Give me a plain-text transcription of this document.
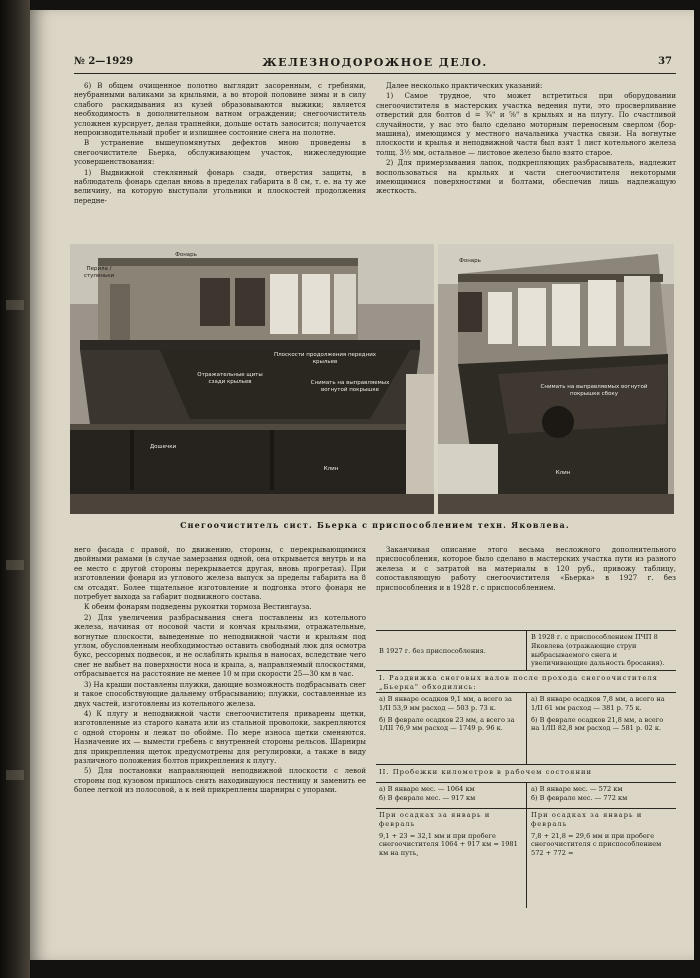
№ 2—1929	ЖЕЛЕЗНОДОРОЖНОЕ ДЕЛО.	37

6) В общем очищенное полотно выглядит засоренным, с гребнями, неубранными валиками за крыльями, а во второй половине зимы и в силу слабого раскидывания из кузей образовываются выжики; является необходимость в дополнительном ватном ограждении; снегоочиститель усложнен курсирует, делая трапнейки, дольше остать заносится; получается непроизводительный пробег и излишнее состояние снега на полотне.

В устранение вышеупомянутых дефектов мною проведены в снегоочистителе Бьерка, обслуживающем участок, нижеследующие усовершенствования:

1) Выдвижной стеклянный фонарь сзади, отверстия защиты, в наблюдатель фонарь сделан вновь в пределах габарита в 8 см, т. е. на ту же величину, на которую выступали угольники и плоскостей продолжения передне-

Далее несколько практических указаний:

1) Самое трудное, что может встретиться при оборудовании снегоочистителя в мастерских участка ведения пути, это просверливание отверстий для болтов d = ¾" и ⅝" в крыльях и на плугу. По счастливой случайности, у нас это было сделано моторным переносным сверлом (бор-машина), имеющимся у местного начальника участка связи. На вогнутые плоскости и крылья и неподвижной частя был взят 1 лист котельного железа толщ. 3½ мм, остальное — листовое железо было взято старое.

2) Для примерзывания лапок, подкрепляющих разбрасыватель, надлежит воспользоваться на крыльях и части снегоочистителя некоторыми имеющимися поверхностями и болтами, обеспечив лишь надлежащую жесткость.

Перила / ступеньки
Фонарь
Отражательные щиты сзади крыльев
Плоскости продолжения передних крыльев
Снимать на выправляемых вогнутой покрышке
Дошечки
Клин
Фонарь
Снимать на выправляемых вогнутой покрышке сбоку
Клин
Снегоочиститель сист. Бьерка с приспособлением техн. Яковлева.

него фасада с правой, по движению, стороны, с перекрывающимися двойными рамами (в случае замерзания одной, она открывается внутрь и на ее место с другой стороны перекрывается другая, вновь прогретая). При изготовлении фонаря из углового железа выпуск за пределы габарита на 8 см отсадят. Более тщательное изготовление и подгонка этого фонаря не потребует выхода за габарит подвижного состава.

К обеим фонарям подведены рукоятки тормоза Вестингауза.

2) Для увеличения разбрасывания снега поставлены из котельного железа, начиная от носовой части и кончая крыльями, отражательные, вогнутые плоскости, выведенные по неподвижной части и крыльям под углом, обусловленным необходимостью оставить свободный люк для осмотра букс, рессорных подвесок, и не ослаблять крылья в наносах, вследствие чего снег не выбьет на поверхности носа и крыла, а, направляемый плоскостями, отбрасывается на расстояние не менее 10 м при скорости 25—30 км в час.

3) На крыши поставлены плужки, дающие возможность подбрасывать снег и такое способствующие дальнему отбрасыванию; плужки, составленные из двух частей, изготовлены из котельного железа.

4) К плугу и неподвижной части снегоочистителя приварены щетки, изготовленные из старого каната или из стальной проволоки, закрепляются с одной стороны и лежат по обойме. По мере износа щетки сменяются. Назначение их — вымести гребень с внутренней стороны рельсов. Шарниры для прикрепления щеток предусмотрены для регулировки, а также в виду различного положения болтов прикрепления к плугу.

5) Для постановки направляющей неподвижной плоскости с левой стороны под кузовом пришлось снять находившуюся лестницу и заменить ее более легкой из полосовой, а к ней прикреплены шарниры с упорами.

Заканчивая описание этого весьма несложного дополнительного приспособления, которое было сделано в мастерских участка пути из разного железа и с затратой на материалы в 120 руб., привожу таблицу, сопоставляющую работу снегоочистителя «Бьерка» в 1927 г. без приспособления и в 1928 г. с приспособлением.

В 1927 г. без приспособления.
В 1928 г. с приспособлением ПЧП 8 Яковлева (отражающие струи выбрасываемого снега и увеличивающие дальность бросания).
I. Раздвижка снеговых валов после прохода снегоочистителя „Бьерка" обходились:
а) В январе осадков 9,1 мм, а всего за 1/II 53,9 мм расход — 503 р. 73 к.
б) В феврале осадков 23 мм, а всего за 1/III 76,9 мм расход — 1749 р. 96 к.
а) В январе осадков 7,8 мм, а всего на 1/II 61 мм расход — 381 р. 75 к.
б) В феврале осадков 21,8 мм, а всего на 1/III 82,8 мм расход — 581 р. 02 к.
II. Пробежки километров в рабочем состоянии
а) В январе мес. — 1064 км
б) В феврале мес. — 917 км
а) В январе мес. — 572 км
б) В феврале мес. — 772 км
При осадках за январь и февраль
9,1 + 23 = 32,1 мм и при пробеге снегоочистителя 1064 + 917 км = 1981 км на путь,
При осадках за январь и февраль
7,8 + 21,8 = 29,6 мм и при пробеге снегоочистителя с приспособлением 572 + 772 =
